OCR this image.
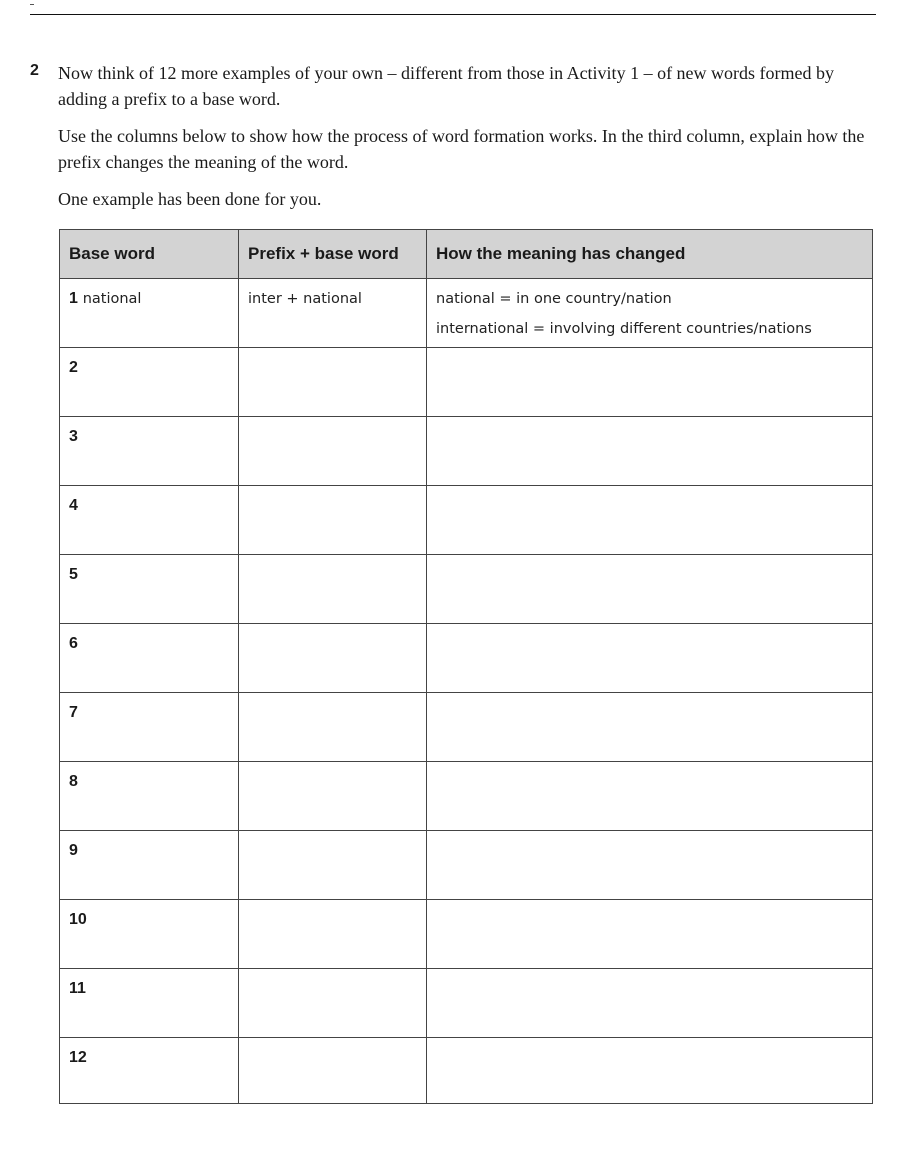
2 Now think of 12 more examples of your own – different from those in Activity 1 – of new words formed by adding a prefix to a base word.

Use the columns below to show how the process of word formation works. In the third column, explain how the prefix changes the meaning of the word.

One example has been done for you.

Base word	Prefix + base word	How the meaning has changed
1 national	inter + national	national = in one country/nation
international = involving different countries/nations

2		
3		
4		
5		
6		
7		
8		
9		
10		
11		
12		
